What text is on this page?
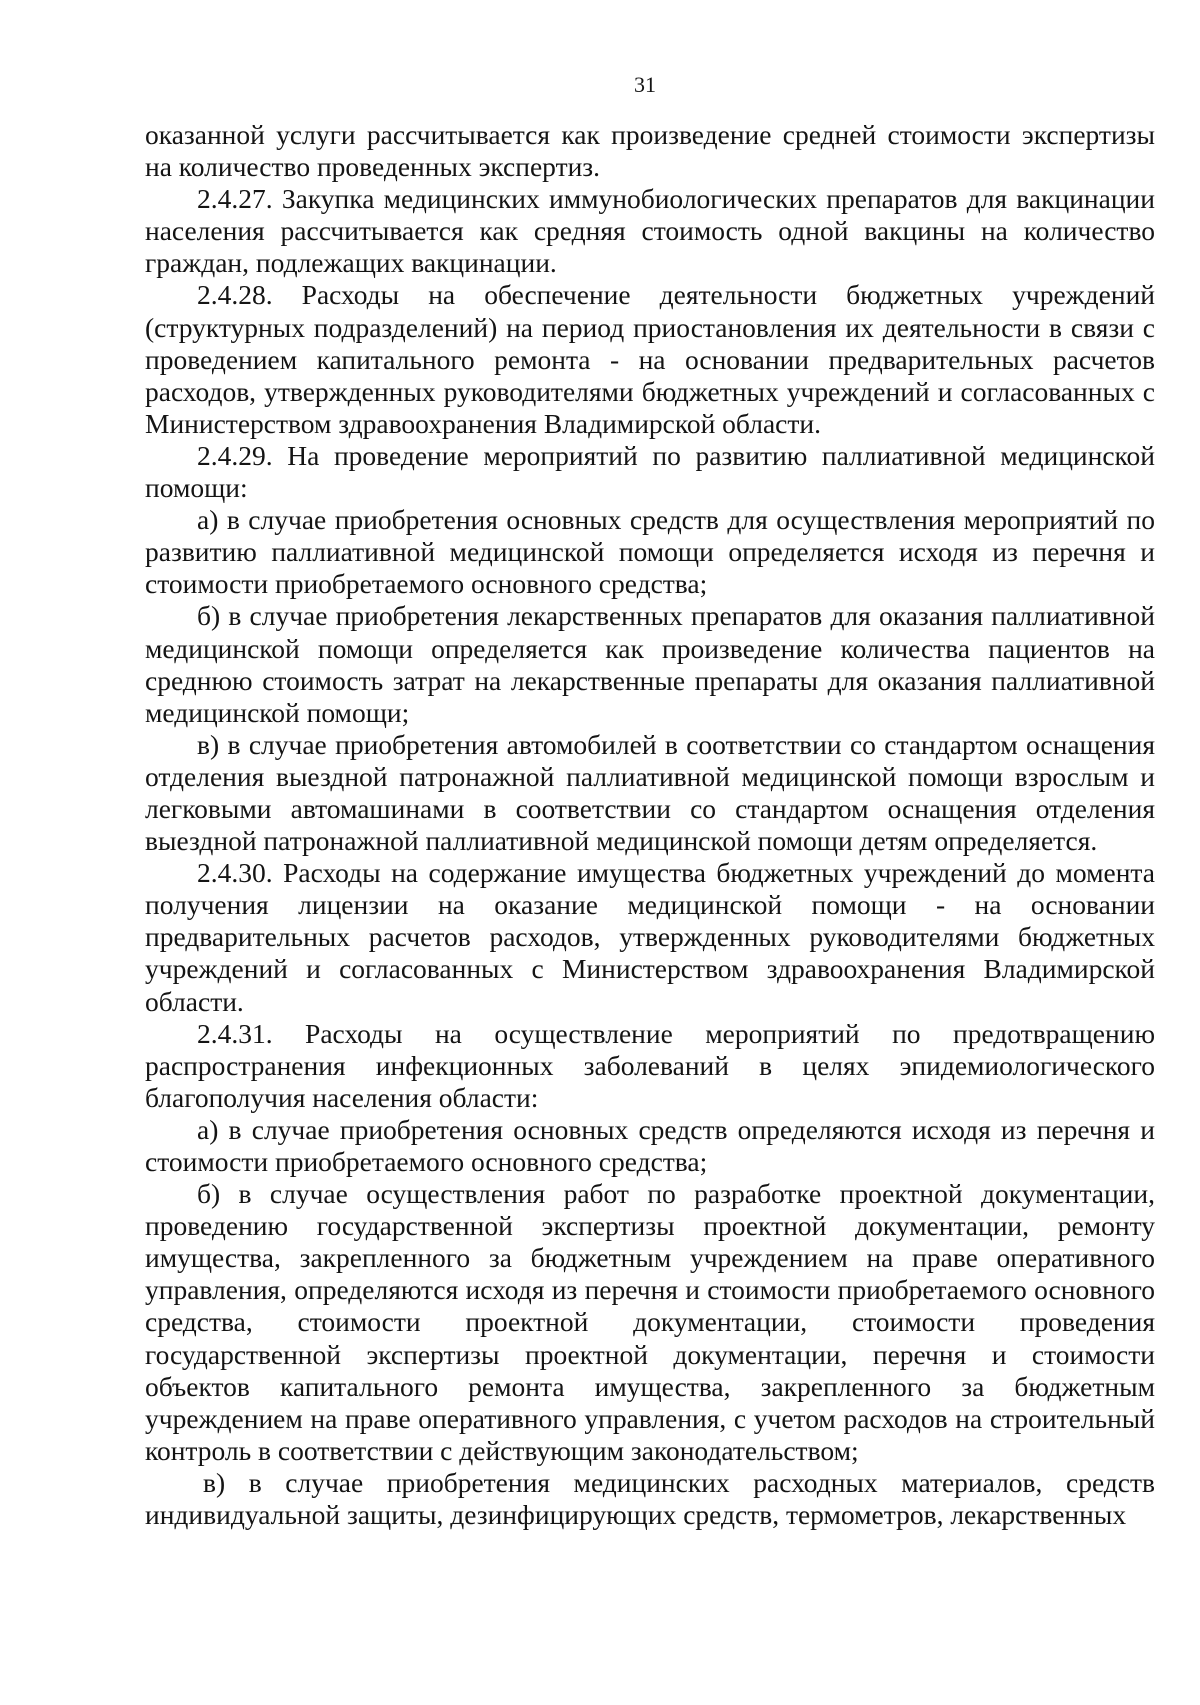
31

оказанной услуги рассчитывается как произведение средней стоимости экспертизы на количество проведенных экспертиз.

2.4.27. Закупка медицинских иммунобиологических препаратов для вакцинации населения рассчитывается как средняя стоимость одной вакцины на количество граждан, подлежащих вакцинации.

2.4.28. Расходы на обеспечение деятельности бюджетных учреждений (структурных подразделений) на период приостановления их деятельности в связи с проведением капитального ремонта - на основании предварительных расчетов расходов, утвержденных руководителями бюджетных учреждений и согласованных с Министерством здравоохранения Владимирской области.

2.4.29. На проведение мероприятий по развитию паллиативной медицинской помощи:

а) в случае приобретения основных средств для осуществления мероприятий по развитию паллиативной медицинской помощи определяется исходя из перечня и стоимости приобретаемого основного средства;

б) в случае приобретения лекарственных препаратов для оказания паллиативной медицинской помощи определяется как произведение количества пациентов на среднюю стоимость затрат на лекарственные препараты для оказания паллиативной медицинской помощи;

в) в случае приобретения автомобилей в соответствии со стандартом оснащения отделения выездной патронажной паллиативной медицинской помощи взрослым и легковыми автомашинами в соответствии со стандартом оснащения отделения выездной патронажной паллиативной медицинской помощи детям определяется.

2.4.30. Расходы на содержание имущества бюджетных учреждений до момента получения лицензии на оказание медицинской помощи - на основании предварительных расчетов расходов, утвержденных руководителями бюджетных учреждений и согласованных с Министерством здравоохранения Владимирской области.

2.4.31. Расходы на осуществление мероприятий по предотвращению распространения инфекционных заболеваний в целях эпидемиологического благополучия населения области:

а) в случае приобретения основных средств определяются исходя из перечня и стоимости приобретаемого основного средства;

б) в случае осуществления работ по разработке проектной документации, проведению государственной экспертизы проектной документации, ремонту имущества, закрепленного за бюджетным учреждением на праве оперативного управления, определяются исходя из перечня и стоимости приобретаемого основного средства, стоимости проектной документации, стоимости проведения государственной экспертизы проектной документации, перечня и стоимости объектов капитального ремонта имущества, закрепленного за бюджетным учреждением на праве оперативного управления, с учетом расходов на строительный контроль в соответствии с действующим законодательством;

в) в случае приобретения медицинских расходных материалов, средств индивидуальной защиты, дезинфицирующих средств, термометров, лекарственных
